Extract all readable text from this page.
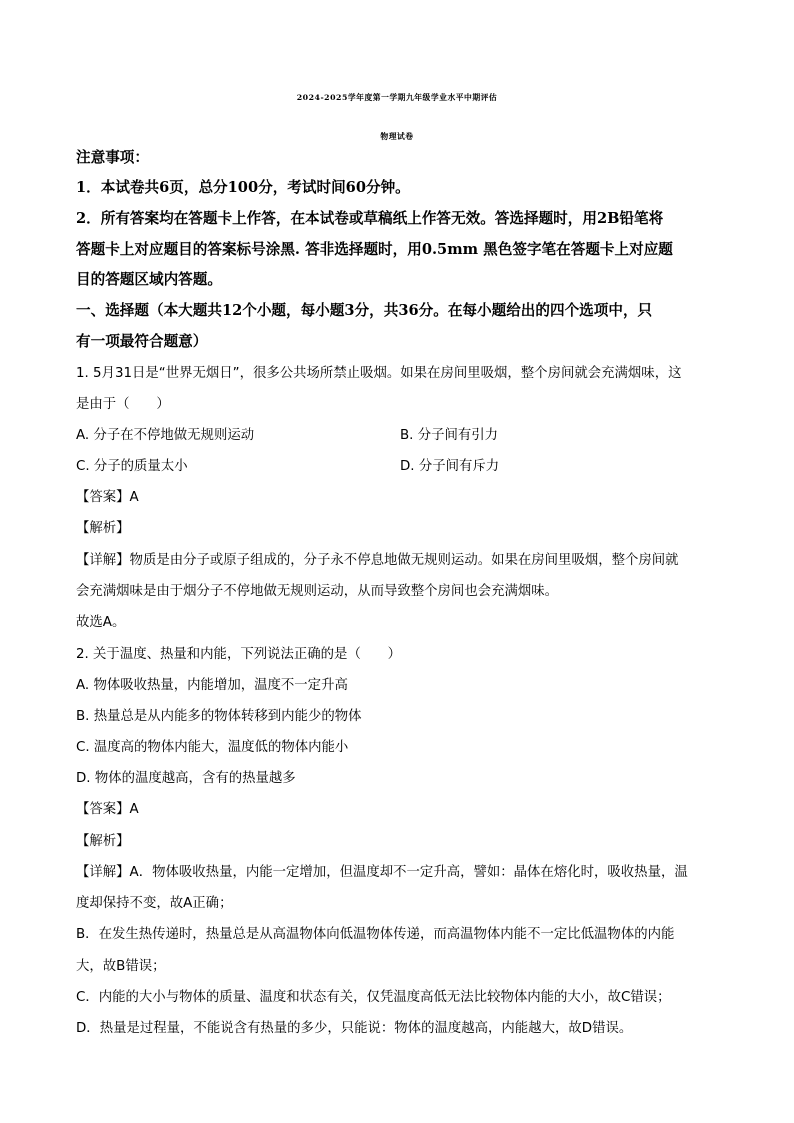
2024-2025学年度第一学期九年级学业水平中期评估
物理试卷
注意事项：
1．本试卷共6页，总分100分，考试时间60分钟。
2．所有答案均在答题卡上作答，在本试卷或草稿纸上作答无效。答选择题时，用2B铅笔将
答题卡上对应题目的答案标号涂黑. 答非选择题时，用0.5mm 黑色签字笔在答题卡上对应题
目的答题区域内答题。
一、选择题（本大题共12个小题，每小题3分，共36分。在每小题给出的四个选项中，只
有一项最符合题意）
1. 5月31日是“世界无烟日”，很多公共场所禁止吸烟。如果在房间里吸烟，整个房间就会充满烟味，这
是由于（　　）
A. 分子在不停地做无规则运动	B. 分子间有引力
C. 分子的质量太小	D. 分子间有斥力
【答案】A
【解析】
【详解】物质是由分子或原子组成的，分子永不停息地做无规则运动。如果在房间里吸烟，整个房间就
会充满烟味是由于烟分子不停地做无规则运动，从而导致整个房间也会充满烟味。
故选A。
2. 关于温度、热量和内能，下列说法正确的是（　　）
A. 物体吸收热量，内能增加，温度不一定升高
B. 热量总是从内能多的物体转移到内能少的物体
C. 温度高的物体内能大，温度低的物体内能小
D. 物体的温度越高，含有的热量越多
【答案】A
【解析】
【详解】A．物体吸收热量，内能一定增加，但温度却不一定升高，譬如：晶体在熔化时，吸收热量，温
度却保持不变，故A正确；
B．在发生热传递时，热量总是从高温物体向低温物体传递，而高温物体内能不一定比低温物体的内能
大，故B错误；
C．内能的大小与物体的质量、温度和状态有关，仅凭温度高低无法比较物体内能的大小，故C错误；
D．热量是过程量，不能说含有热量的多少，只能说：物体的温度越高，内能越大，故D错误。
